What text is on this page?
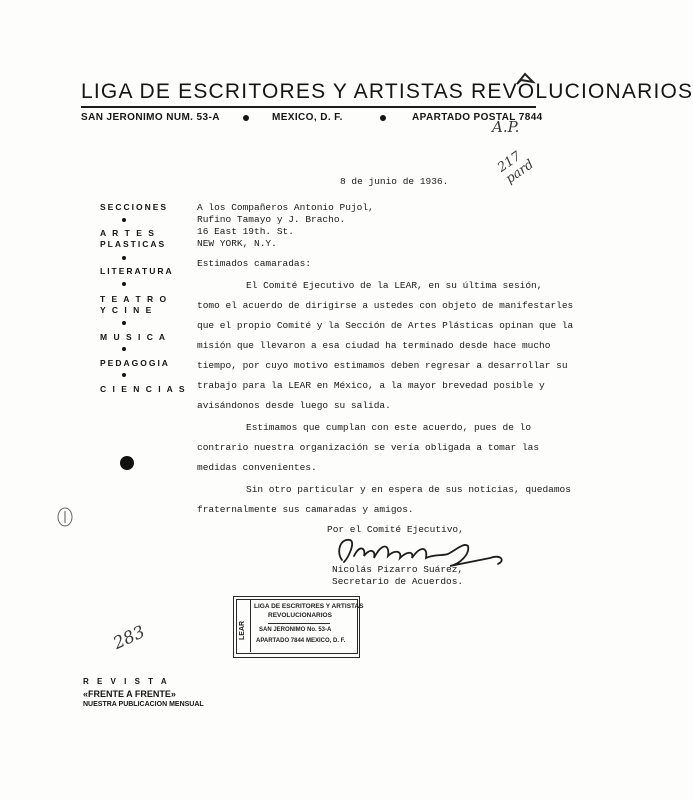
LIGA DE ESCRITORES Y ARTISTAS REVOLUCIONARIOS
SAN JERONIMO NUM. 53-A	MEXICO, D. F.	APARTADO POSTAL 7844
A.P.
217 pard
SECCIONES
A R T E S
PLASTICAS
LITERATURA
T E A T R O
Y C I N E
M U S I C A
PEDAGOGIA
C I E N C I A S
8 de junio de 1936.
A los Compañeros Antonio Pujol,
Rufino Tamayo y J. Bracho.
16 East 19th. St.
NEW YORK, N.Y.
Estimados camaradas:
El Comité Ejecutivo de la LEAR, en su última sesión,
tomo el acuerdo de dirigirse a ustedes con objeto de manifestarles
que el propio Comité y la Sección de Artes Plásticas opinan que la
misión que llevaron a esa ciudad ha terminado desde hace mucho
tiempo, por cuyo motivo estimamos deben regresar a desarrollar su
trabajo para la LEAR en México, a la mayor brevedad posible y
avisándonos desde luego su salida.
Estimamos que cumplan con este acuerdo, pues de lo
contrario nuestra organización se vería obligada a tomar las
medidas convenientes.
Sin otro particular y en espera de sus noticias, quedamos
fraternalmente sus camaradas y amigos.
Por el Comité Ejecutivo,
Nicolás Pizarro Suárez,
Secretario de Acuerdos.
283	LEAR
LIGA DE ESCRITORES Y ARTISTAS
REVOLUCIONARIOS
SAN JERONIMO No. 53-A
APARTADO 7844 MEXICO, D. F.
R E V I S T A
«FRENTE A FRENTE»
NUESTRA PUBLICACION MENSUAL
